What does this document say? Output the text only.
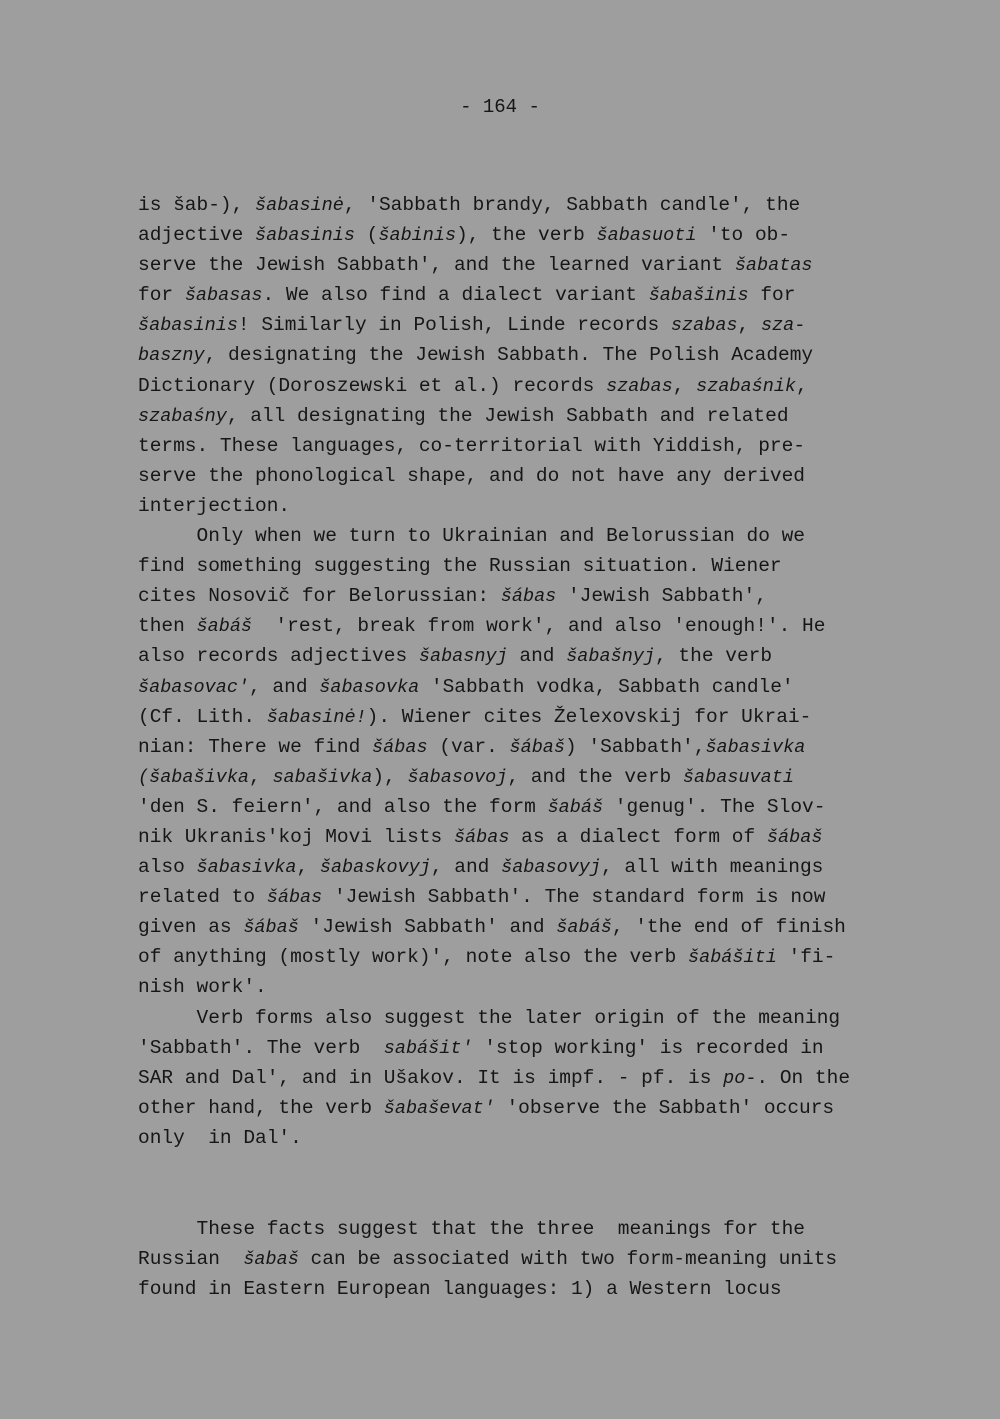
- 164 -
is šab-), šabasinė, 'Sabbath brandy, Sabbath candle', the
adjective šabasinis (šabinis), the verb šabasuoti 'to ob-
serve the Jewish Sabbath', and the learned variant šabatas
for šabasas. We also find a dialect variant šabašinis for
šabasinis! Similarly in Polish, Linde records szabas, sza-
baszny, designating the Jewish Sabbath. The Polish Academy
Dictionary (Doroszewski et al.) records szabas, szabaśnik,
szabaśny, all designating the Jewish Sabbath and related
terms. These languages, co-territorial with Yiddish, pre-
serve the phonological shape, and do not have any derived
interjection.
Only when we turn to Ukrainian and Belorussian do we
find something suggesting the Russian situation. Wiener
cites Nosovič for Belorussian: šábas 'Jewish Sabbath',
then šabáš  'rest, break from work', and also 'enough!'. He
also records adjectives šabasnyj and šabašnyj, the verb
šabasovac', and šabasovka 'Sabbath vodka, Sabbath candle'
(Cf. Lith. šabasinė!). Wiener cites Želexovskij for Ukrai-
nian: There we find šábas (var. šábaš) 'Sabbath',šabasivka
(šabašivka, sabašivka), šabasovoj, and the verb šabasuvati
'den S. feiern', and also the form šabáš 'genug'. The Slov-
nik Ukranis'koj Movi lists šábas as a dialect form of šábaš
also šabasivka, šabaskovyj, and šabasovyj, all with meanings
related to šábas 'Jewish Sabbath'. The standard form is now
given as šábaš 'Jewish Sabbath' and šabáš, 'the end of finish
of anything (mostly work)', note also the verb šabášiti 'fi-
nish work'.
Verb forms also suggest the later origin of the meaning
'Sabbath'. The verb  sabášit' 'stop working' is recorded in
SAR and Dal', and in Ušakov. It is impf. - pf. is po-. On the
other hand, the verb šabaševat' 'observe the Sabbath' occurs
only  in Dal'.
These facts suggest that the three  meanings for the
Russian  šabaš can be associated with two form-meaning units
found in Eastern European languages: 1) a Western locus
